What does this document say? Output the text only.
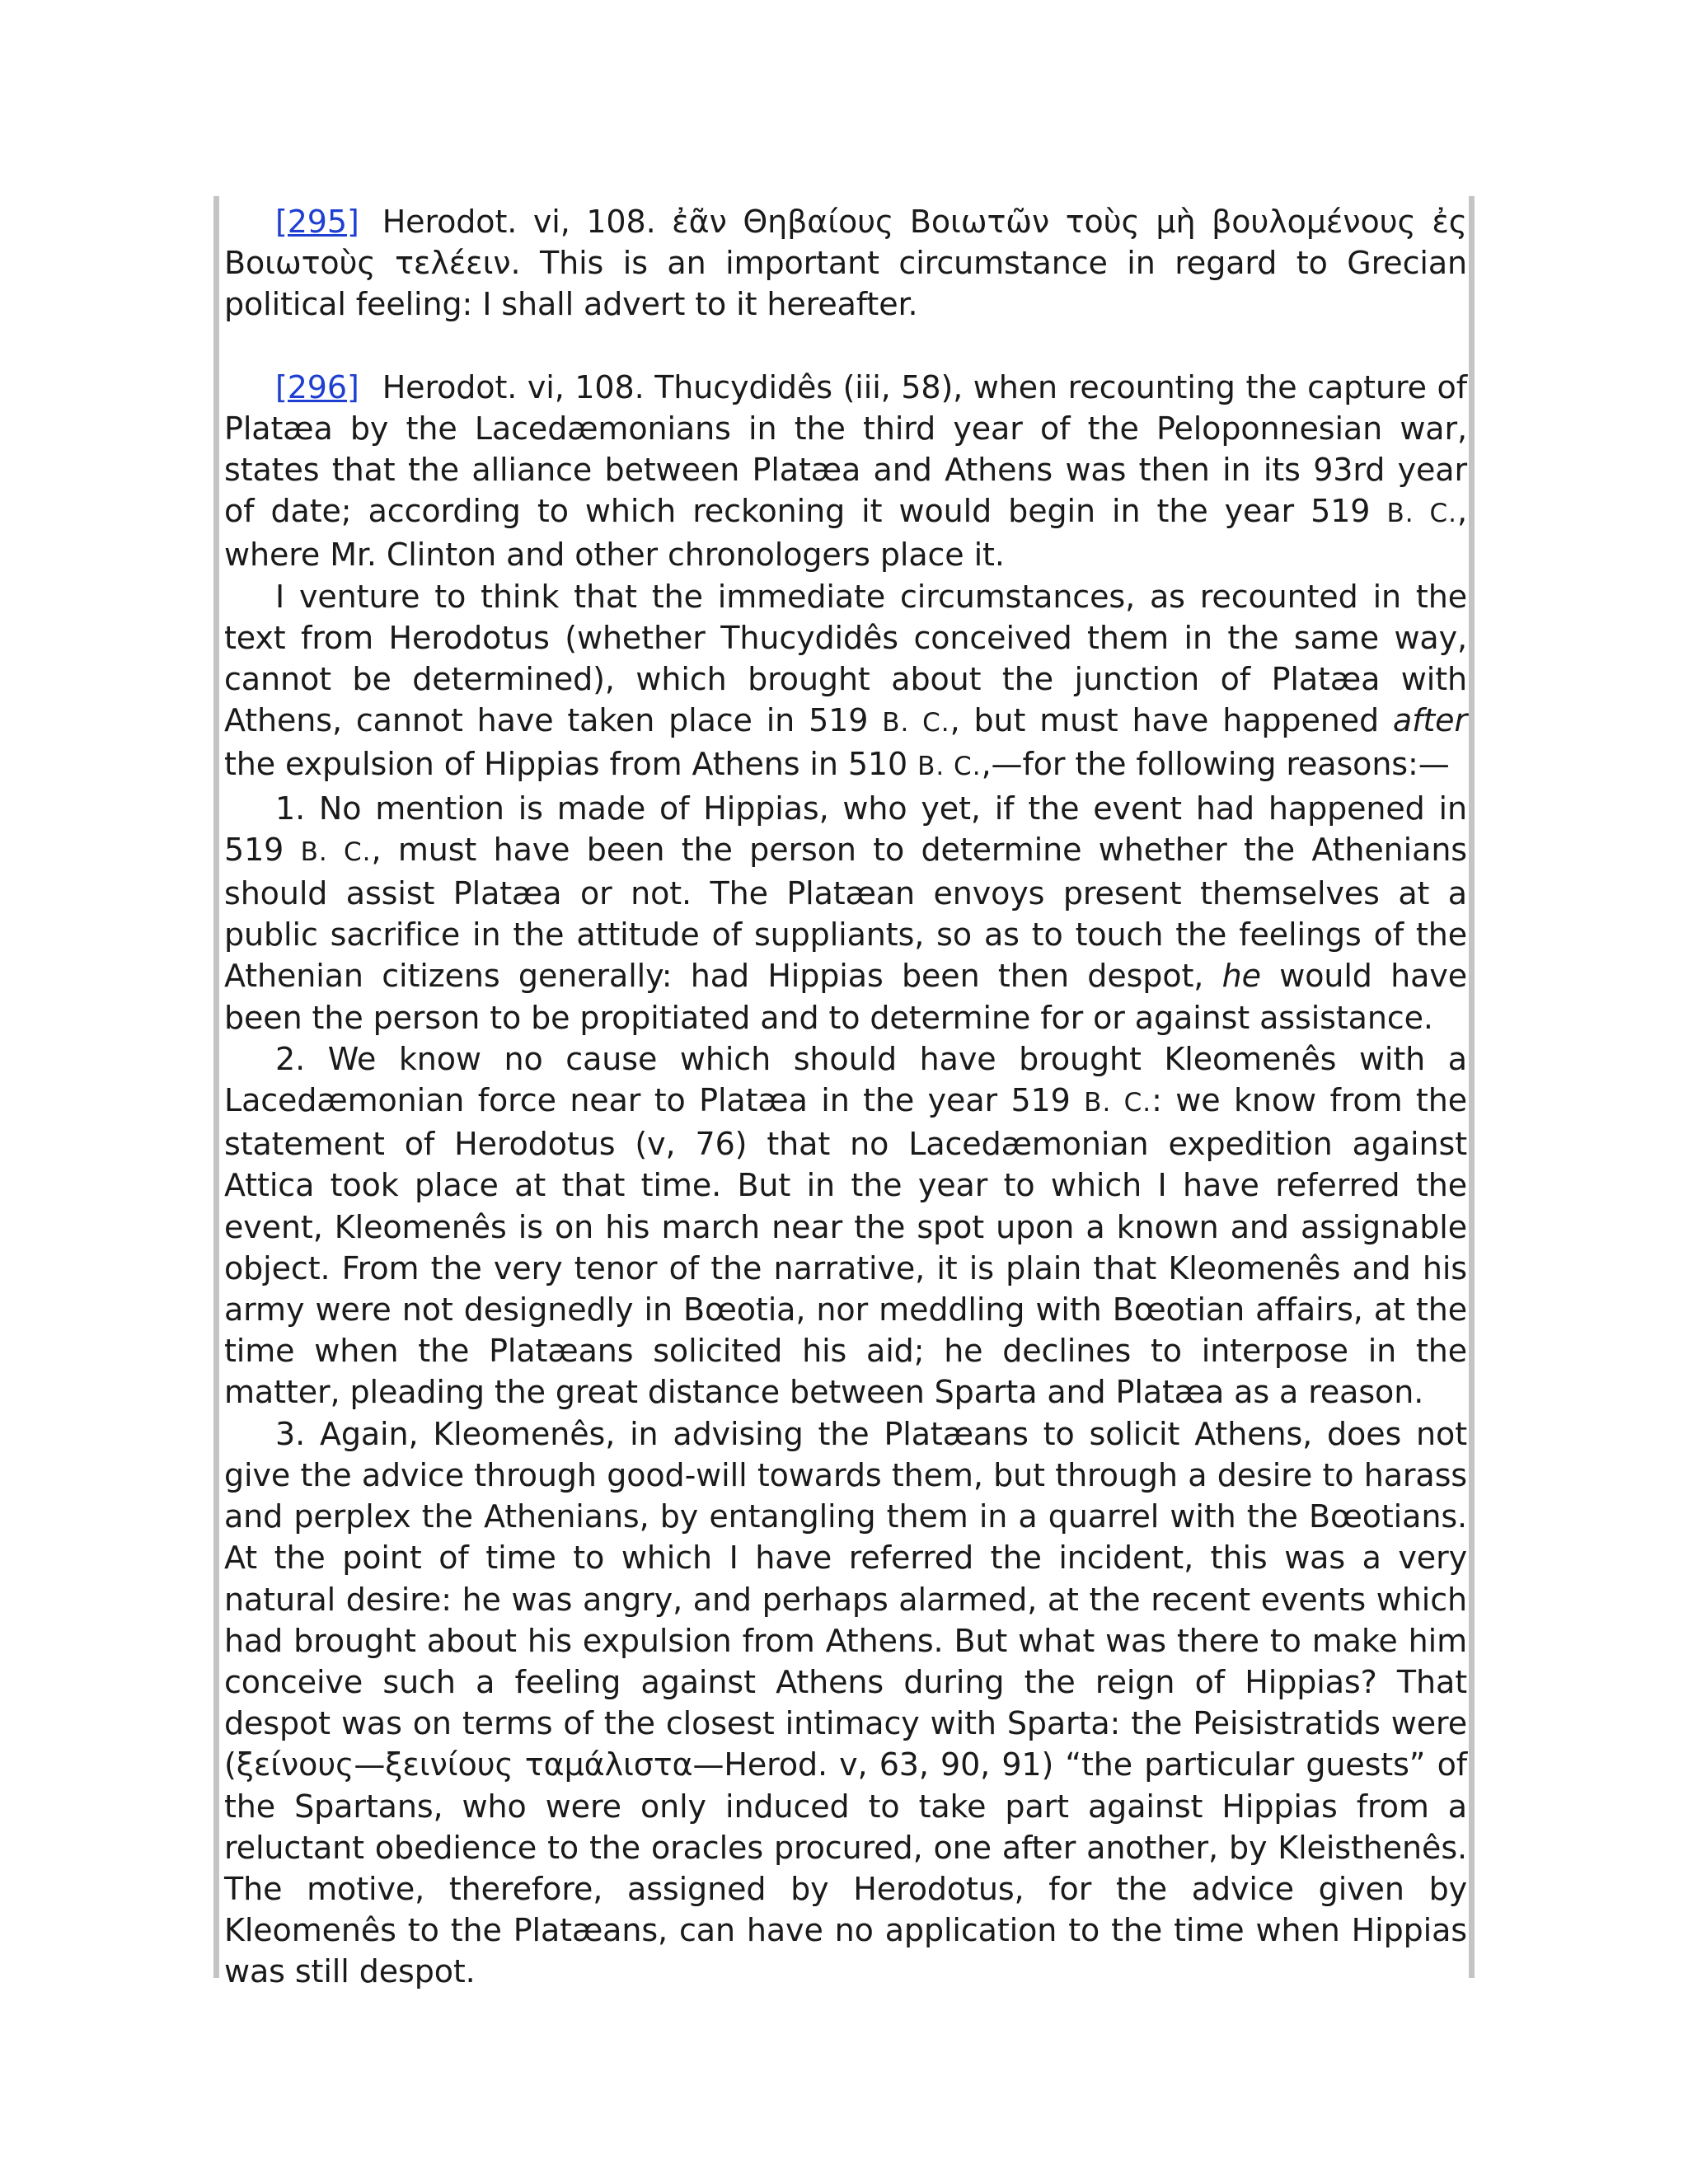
[295] Herodot. vi, 108. ἐᾶν Θηβαίους Βοιωτῶν τοὺς μὴ βουλομένους ἐς Βοιωτοὺς τελέειν. This is an important circumstance in regard to Grecian political feeling: I shall advert to it hereafter.

[296] Herodot. vi, 108. Thucydidês (iii, 58), when recounting the capture of Platæa by the Lacedæmonians in the third year of the Peloponnesian war, states that the alliance between Platæa and Athens was then in its 93rd year of date; according to which reckoning it would begin in the year 519 B. C., where Mr. Clinton and other chronologers place it.

I venture to think that the immediate circumstances, as recounted in the text from Herodotus (whether Thucydidês conceived them in the same way, cannot be determined), which brought about the junction of Platæa with Athens, cannot have taken place in 519 B. C., but must have happened after the expulsion of Hippias from Athens in 510 B. C.,—for the following reasons:—

1. No mention is made of Hippias, who yet, if the event had happened in 519 B. C., must have been the person to determine whether the Athenians should assist Platæa or not. The Platæan envoys present themselves at a public sacrifice in the attitude of suppliants, so as to touch the feelings of the Athenian citizens generally: had Hippias been then despot, he would have been the person to be propitiated and to determine for or against assistance.

2. We know no cause which should have brought Kleomenês with a Lacedæmonian force near to Platæa in the year 519 B. C.: we know from the statement of Herodotus (v, 76) that no Lacedæmonian expedition against Attica took place at that time. But in the year to which I have referred the event, Kleomenês is on his march near the spot upon a known and assignable object. From the very tenor of the narrative, it is plain that Kleomenês and his army were not designedly in Bœotia, nor meddling with Bœotian affairs, at the time when the Platæans solicited his aid; he declines to interpose in the matter, pleading the great distance between Sparta and Platæa as a reason.

3. Again, Kleomenês, in advising the Platæans to solicit Athens, does not give the advice through good-will towards them, but through a desire to harass and perplex the Athenians, by entangling them in a quarrel with the Bœotians. At the point of time to which I have referred the incident, this was a very natural desire: he was angry, and perhaps alarmed, at the recent events which had brought about his expulsion from Athens. But what was there to make him conceive such a feeling against Athens during the reign of Hippias? That despot was on terms of the closest intimacy with Sparta: the Peisistratids were (ξείνους—ξεινίους ταμάλιστα—Herod. v, 63, 90, 91) “the particular guests” of the Spartans, who were only induced to take part against Hippias from a reluctant obedience to the oracles procured, one after another, by Kleisthenês. The motive, therefore, assigned by Herodotus, for the advice given by Kleomenês to the Platæans, can have no application to the time when Hippias was still despot.
